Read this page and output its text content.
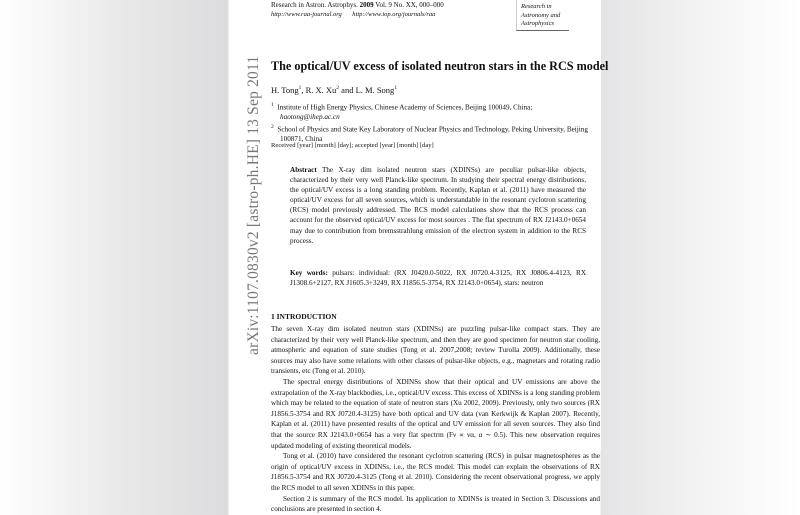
arXiv:1107.0830v2 [astro-ph.HE] 13 Sep 2011
Research in Astron. Astrophys. 2009 Vol. 9 No. XX, 000–000
http://www.raa-journal.org http://www.iop.org/journals/raa
Research in
Astronomy and
Astrophysics
The optical/UV excess of isolated neutron stars in the RCS model
H. Tong$^1$, R. X. Xu$^2$ and L. M. Song$^1$
$^1$ Institute of High Energy Physics, Chinese Academy of Sciences, Beijing 100049, China;
haotong@ihep.ac.cn
$^2$ School of Physics and State Key Laboratory of Nuclear Physics and Technology, Peking University, Beijing 100871, China
Received [year] [month] [day]; accepted [year] [month] [day]
Abstract The X-ray dim isolated neutron stars (XDINSs) are peculiar pulsar-like objects, characterized by their very well Planck-like spectrum. In studying their spectral energy distributions, the optical/UV excess is a long standing problem. Recently, Kaplan et al. (2011) have measured the optical/UV excess for all seven sources, which is understandable in the resonant cyclotron scattering (RCS) model previously addressed. The RCS model calculations show that the RCS process can account for the observed optical/UV excess for most sources . The flat spectrum of RX J2143.0+0654 may due to contribution from bremsstrahlung emission of the electron system in addition to the RCS process.
Key words: pulsars: individual: (RX J0420.0-5022, RX J0720.4-3125, RX J0806.4-4123, RX J1308.6+2127, RX J1605.3+3249, RX J1856.5-3754, RX J2143.0+0654), stars: neutron
1 INTRODUCTION

The seven X-ray dim isolated neutron stars (XDINSs) are puzzling pulsar-like compact stars. They are characterized by their very well Planck-like spectrum, and then they are good specimen for neutron star cooling, atmospheric and equation of state studies (Tong et al. 2007,2008; review Turolla 2009). Additionally, these sources may also have some relations with other classes of pulsar-like objects, e.g., magnetars and rotating radio transients, etc (Tong et al. 2010).

The spectral energy distributions of XDINSs show that their optical and UV emissions are above the extrapolation of the X-ray blackbodies, i.e., optical/UV excess. This excess of XDINSs is a long standing problem which may be related to the equation of state of neutron stars (Xu 2002, 2009). Previously, only two sources (RX J1856.5-3754 and RX J0720.4-3125) have both optical and UV data (van Kerkwijk & Kaplan 2007). Recently, Kaplan et al. (2011) have presented results of the optical and UV emission for all seven sources. They also find that the source RX J2143.0+0654 has a very flat spectrm (Fν ∝ να, α ∼ 0.5). This new observation requires updated modeling of existing theoretical models.

Tong et al. (2010) have considered the resonant cyclotron scattering (RCS) in pulsar magnetospheres as the origin of optical/UV excess in XDINSs, i.e., the RCS model. This model can explain the observations of RX J1856.5-3754 and RX J0720.4-3125 (Tong et al. 2010). Considering the recent observational progress, we apply the RCS model to all seven XDINSs in this paper.

Section 2 is summary of the RCS model. Its application to XDINSs is treated in Section 3. Discussions and conclusions are presented in section 4.
